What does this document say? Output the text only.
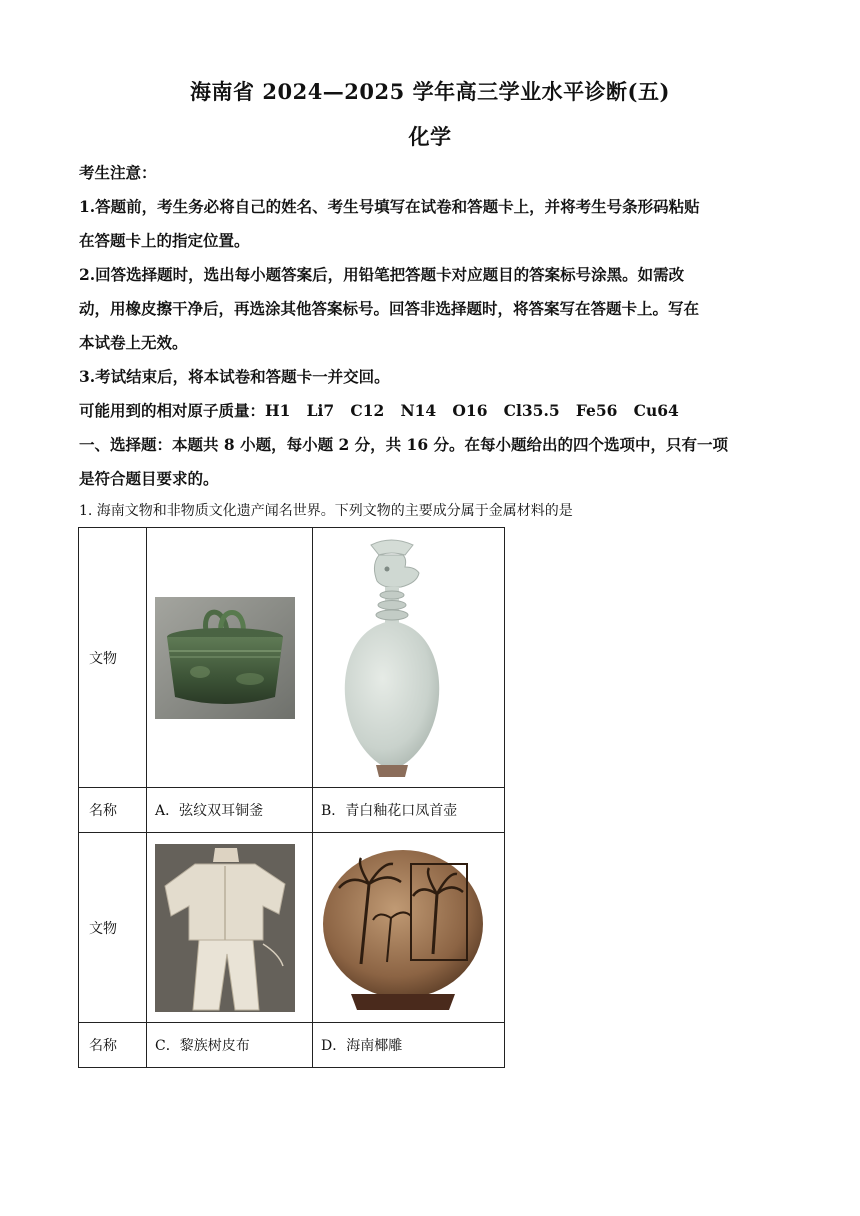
海南省 2024—2025 学年高三学业水平诊断(五)
化学
考生注意：
1.答题前，考生务必将自己的姓名、考生号填写在试卷和答题卡上，并将考生号条形码粘贴
在答题卡上的指定位置。
2.回答选择题时，选出每小题答案后，用铅笔把答题卡对应题目的答案标号涂黑。如需改
动，用橡皮擦干净后，再选涂其他答案标号。回答非选择题时，将答案写在答题卡上。写在
本试卷上无效。
3.考试结束后，将本试卷和答题卡一并交回。
可能用到的相对原子质量：H1   Li7   C12   N14   O16   Cl35.5   Fe56   Cu64
一、选择题：本题共 8 小题，每小题 2 分，共 16 分。在每小题给出的四个选项中，只有一项
是符合题目要求的。
1. 海南文物和非物质文化遗产闻名世界。下列文物的主要成分属于金属材料的是
文物	

名称	A．弦纹双耳铜釜	B．青白釉花口凤首壶
文物	

名称	C．黎族树皮布	D．海南椰雕
